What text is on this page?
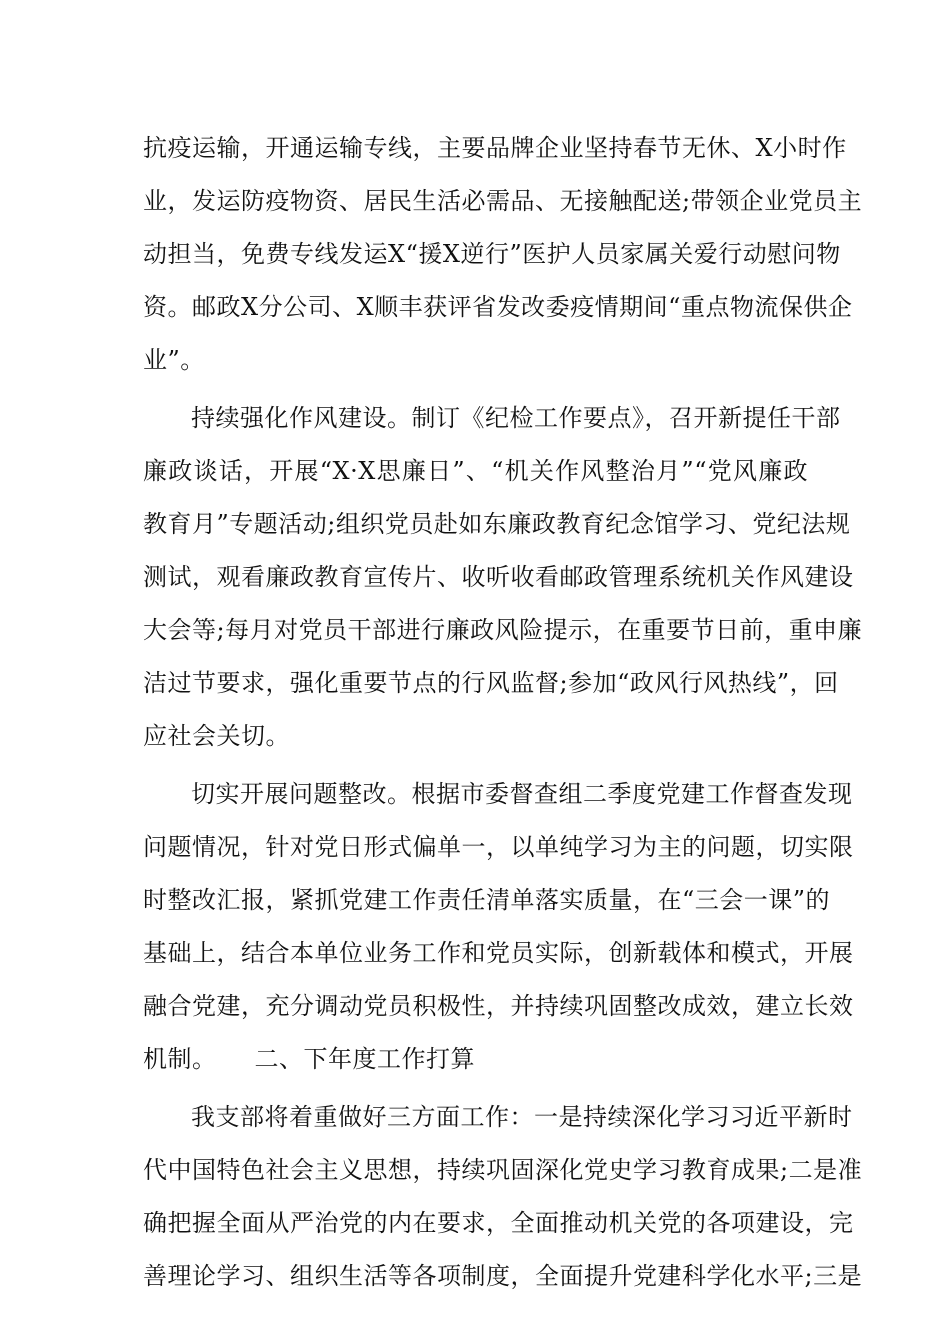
抗疫运输，开通运输专线，主要品牌企业坚持春节无休、X小时作
业，发运防疫物资、居民生活必需品、无接触配送;带领企业党员主
动担当，免费专线发运X“援X逆行”医护人员家属关爱行动慰问物
资。邮政X分公司、X顺丰获评省发改委疫情期间“重点物流保供企
业”。
持续强化作风建设。制订《纪检工作要点》，召开新提任干部
廉政谈话，开展“X·X思廉日”、“机关作风整治月”“党风廉政
教育月”专题活动;组织党员赴如东廉政教育纪念馆学习、党纪法规
测试，观看廉政教育宣传片、收听收看邮政管理系统机关作风建设
大会等;每月对党员干部进行廉政风险提示，在重要节日前，重申廉
洁过节要求，强化重要节点的行风监督;参加“政风行风热线”，回
应社会关切。
切实开展问题整改。根据市委督查组二季度党建工作督查发现
问题情况，针对党日形式偏单一，以单纯学习为主的问题，切实限
时整改汇报，紧抓党建工作责任清单落实质量，在“三会一课”的
基础上，结合本单位业务工作和党员实际，创新载体和模式，开展
融合党建，充分调动党员积极性，并持续巩固整改成效，建立长效
机制。 二、下年度工作打算
我支部将着重做好三方面工作：一是持续深化学习习近平新时
代中国特色社会主义思想，持续巩固深化党史学习教育成果;二是准
确把握全面从严治党的内在要求，全面推动机关党的各项建设，完
善理论学习、组织生活等各项制度，全面提升党建科学化水平;三是
